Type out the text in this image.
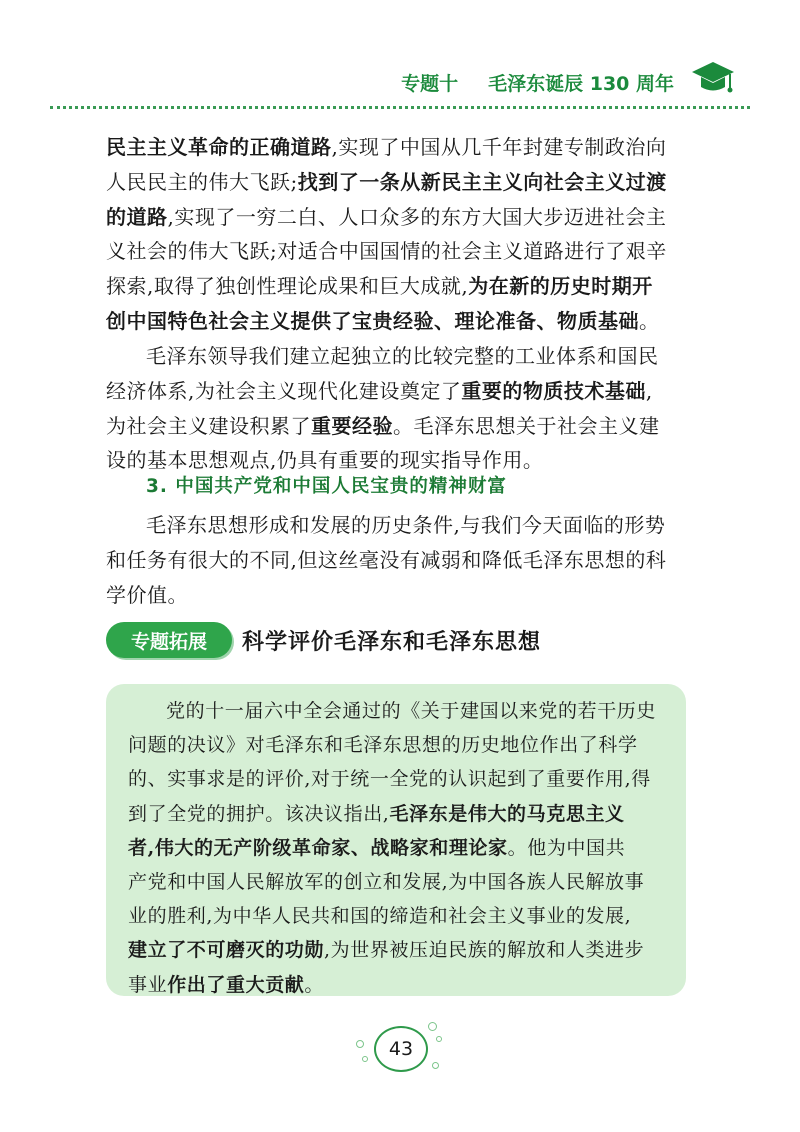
专题十 毛泽东诞辰 130 周年
民主主义革命的正确道路,实现了中国从几千年封建专制政治向
人民民主的伟大飞跃;找到了一条从新民主主义向社会主义过渡
的道路,实现了一穷二白、人口众多的东方大国大步迈进社会主
义社会的伟大飞跃;对适合中国国情的社会主义道路进行了艰辛
探索,取得了独创性理论成果和巨大成就,为在新的历史时期开
创中国特色社会主义提供了宝贵经验、理论准备、物质基础。
毛泽东领导我们建立起独立的比较完整的工业体系和国民
经济体系,为社会主义现代化建设奠定了重要的物质技术基础,
为社会主义建设积累了重要经验。毛泽东思想关于社会主义建
设的基本思想观点,仍具有重要的现实指导作用。
3. 中国共产党和中国人民宝贵的精神财富
毛泽东思想形成和发展的历史条件,与我们今天面临的形势
和任务有很大的不同,但这丝毫没有减弱和降低毛泽东思想的科
学价值。
专题拓展	科学评价毛泽东和毛泽东思想
党的十一届六中全会通过的《关于建国以来党的若干历史
问题的决议》对毛泽东和毛泽东思想的历史地位作出了科学
的、实事求是的评价,对于统一全党的认识起到了重要作用,得
到了全党的拥护。该决议指出,毛泽东是伟大的马克思主义
者,伟大的无产阶级革命家、战略家和理论家。他为中国共
产党和中国人民解放军的创立和发展,为中国各族人民解放事
业的胜利,为中华人民共和国的缔造和社会主义事业的发展,
建立了不可磨灭的功勋,为世界被压迫民族的解放和人类进步
事业作出了重大贡献。
43
